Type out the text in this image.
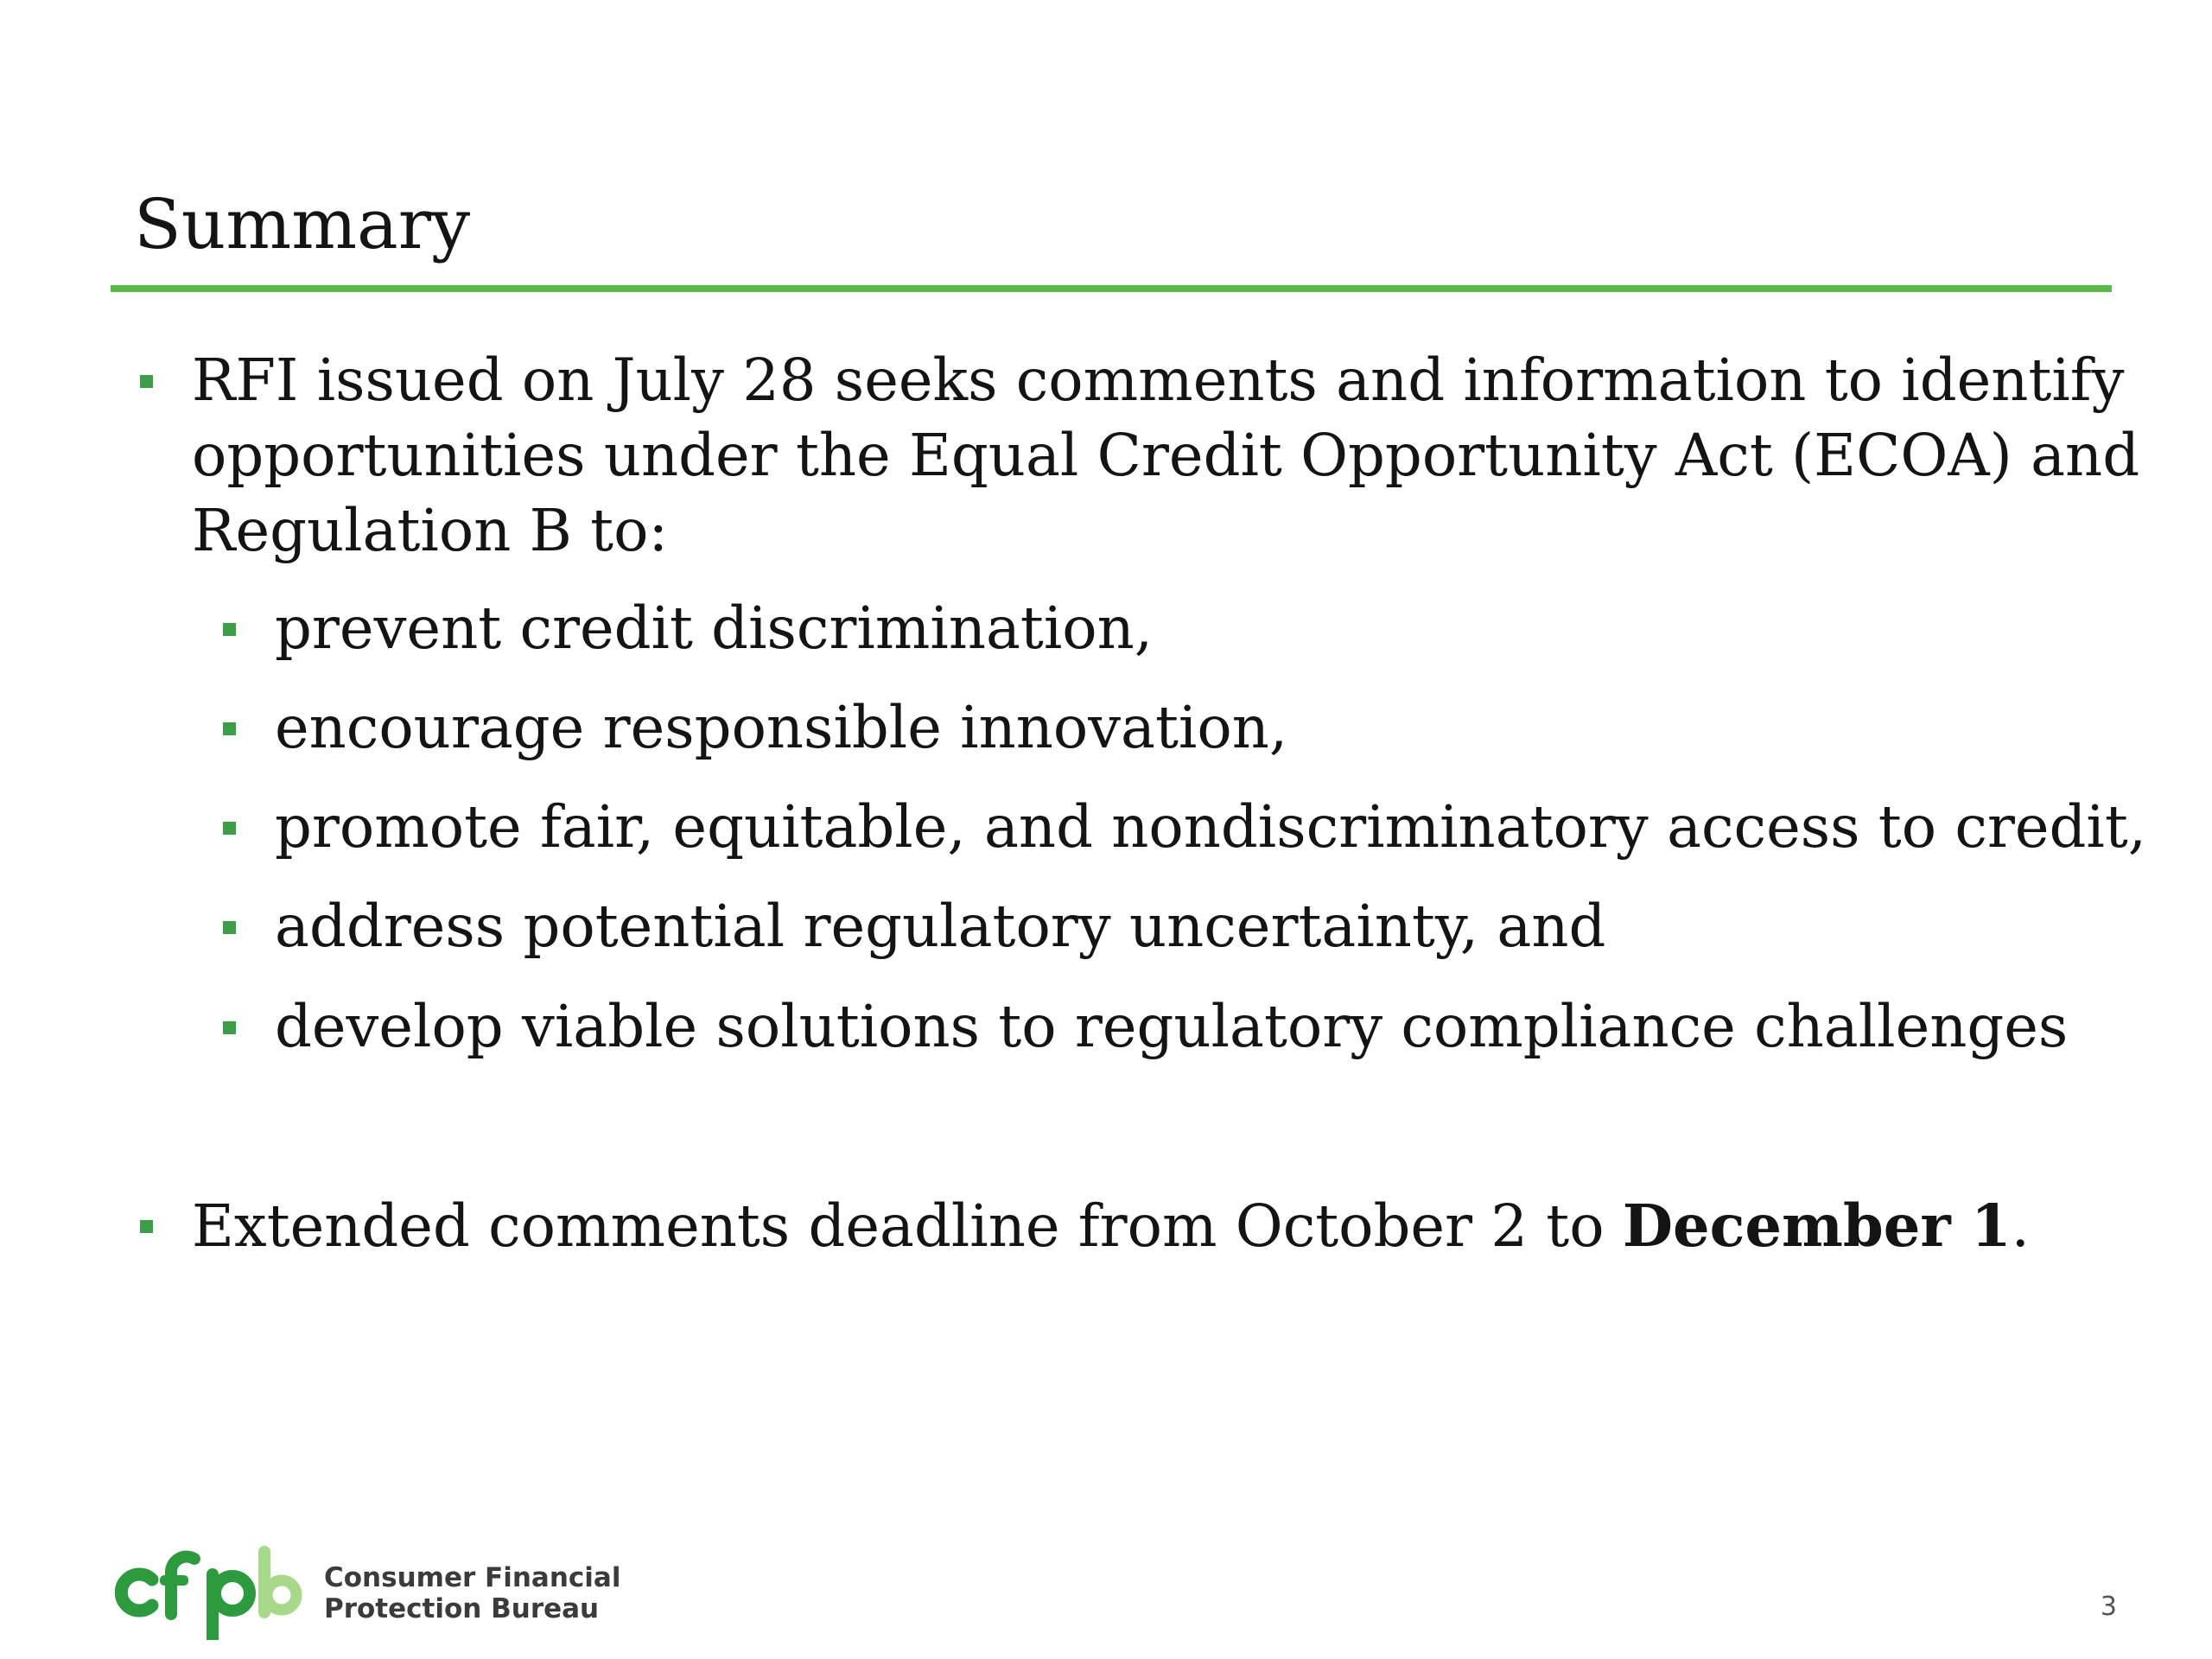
Summary
RFI issued on July 28 seeks comments and information to identify
opportunities under the Equal Credit Opportunity Act (ECOA) and
Regulation B to:
prevent credit discrimination,
encourage responsible innovation,
promote fair, equitable, and nondiscriminatory access to credit,
address potential regulatory uncertainty, and
develop viable solutions to regulatory compliance challenges
Extended comments deadline from October 2 to December 1.
Consumer Financial
Protection Bureau	3
